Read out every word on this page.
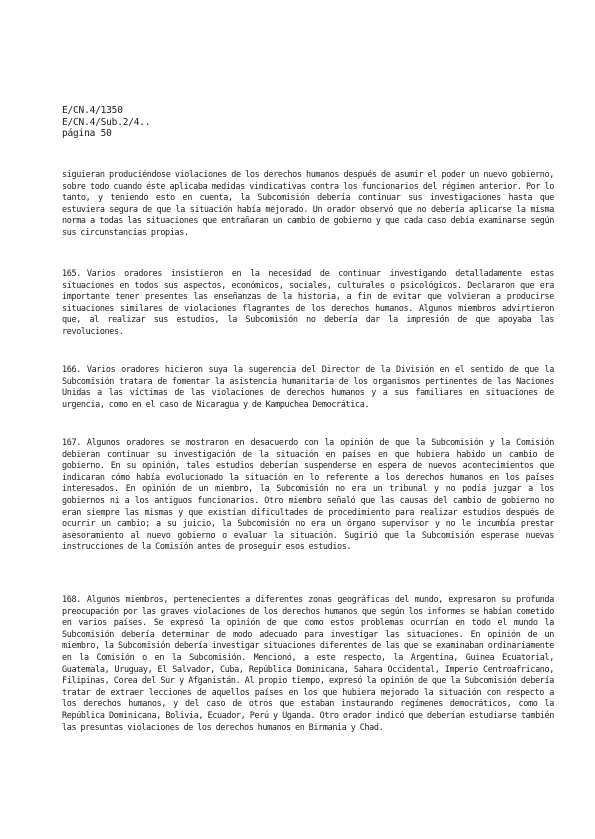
E/CN.4/1350
E/CN.4/Sub.2/4..
página 50
siguieran produciéndose violaciones de los derechos humanos después de asumir el poder un nuevo gobierno, sobre todo cuando éste aplicaba medidas vindicativas contra los funcionarios del régimen anterior. Por lo tanto, y teniendo esto en cuenta, la Subcomisión debería continuar sus investigaciones hasta que estuviera segura de que la situación había mejorado. Un orador observó que no debería aplicarse la misma norma a todas las situaciones que entrañaran un cambio de gobierno y que cada caso debía examinarse según sus circunstancias propias.
165. Varios oradores insistieron en la necesidad de continuar investigando detalladamente estas situaciones en todos sus aspectos, económicos, sociales, culturales o psicológicos. Declararon que era importante tener presentes las enseñanzas de la historia, a fin de evitar que volvieran a producirse situaciones similares de violaciones flagrantes de los derechos humanos. Algunos miembros advirtieron que, al realizar sus estudios, la Subcomisión no debería dar la impresión de que apoyaba las revoluciones.
166. Varios oradores hicieron suya la sugerencia del Director de la División en el sentido de que la Subcomisión tratara de fomentar la asistencia humanitaria de los organismos pertinentes de las Naciones Unidas a las víctimas de las violaciones de derechos humanos y a sus familiares en situaciones de urgencia, como en el caso de Nicaragua y de Kampuchea Democrática.
167. Algunos oradores se mostraron en desacuerdo con la opinión de que la Subcomisión y la Comisión debieran continuar su investigación de la situación en países en que hubiera habido un cambio de gobierno. En su opinión, tales estudios deberían suspenderse en espera de nuevos acontecimientos que indicaran cómo había evolucionado la situación en lo referente a los derechos humanos en los países interesados. En opinión de un miembro, la Subcomisión no era un tribunal y no podía juzgar a los gobiernos ni a los antiguos funcionarios. Otro miembro señaló que las causas del cambio de gobierno no eran siempre las mismas y que existían dificultades de procedimiento para realizar estudios después de ocurrir un cambio; a su juicio, la Subcomisión no era un órgano supervisor y no le incumbía prestar asesoramiento al nuevo gobierno o evaluar la situación. Sugirió que la Subcomisión esperase nuevas instrucciones de la Comisión antes de proseguir esos estudios.
168. Algunos miembros, pertenecientes a diferentes zonas geográficas del mundo, expresaron su profunda preocupación por las graves violaciones de los derechos humanos que según los informes se habían cometido en varios países. Se expresó la opinión de que como estos problemas ocurrían en todo el mundo la Subcomisión debería determinar de modo adecuado para investigar las situaciones. En opinión de un miembro, la Subcomisión debería investigar situaciones diferentes de las que se examinaban ordinariamente en la Comisión o en la Subcomisión. Mencionó, a este respecto, la Argentina, Guinea Ecuatorial, Guatemala, Uruguay, El Salvador, Cuba, República Dominicana, Sahara Occidental, Imperio Centroafricano, Filipinas, Corea del Sur y Afganistán. Al propio tiempo, expresó la opinión de que la Subcomisión debería tratar de extraer lecciones de aquellos países en los que hubiera mejorado la situación con respecto a los derechos humanos, y del caso de otros que estaban instaurando regímenes democráticos, como la República Dominicana, Bolivia, Ecuador, Perú y Uganda. Otro orador indicó que deberían estudiarse también las presuntas violaciones de los derechos humanos en Birmania y Chad.
